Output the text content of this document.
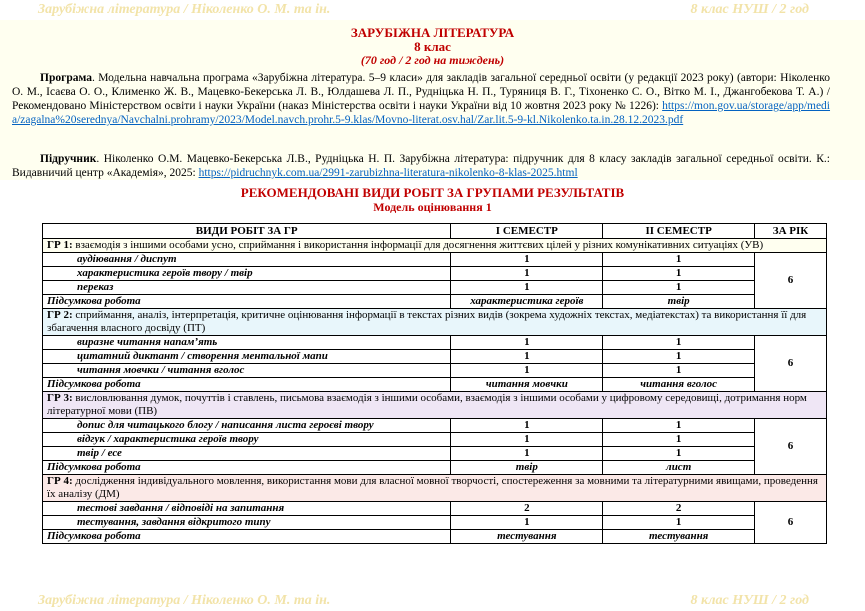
Зарубіжна література / Ніколенко О. М. та ін.	8 клас НУШ / 2 год
ЗАРУБІЖНА ЛІТЕРАТУРА
8 клас
(70 год / 2 год на тиждень)
Програма. Модельна навчальна програма «Зарубіжна література. 5–9 класи» для закладів загальної середньої освіти (у редакції 2023 року) (автори: Ніколенко О. М., Ісаєва О. О., Клименко Ж. В., Мацевко-Бекерська Л. В., Юлдашева Л. П., Рудніцька Н. П., Туряниця В. Г., Тіхоненко С. О., Вітко М. І., Джангобекова Т. А.) / Рекомендовано Міністерством освіти і науки України (наказ Міністерства освіти і науки України від 10 жовтня 2023 року № 1226): https://mon.gov.ua/storage/app/media/zagalna%20serednya/Navchalni.prohramy/2023/Model.navch.prohr.5-9.klas/Movno-literat.osv.hal/Zar.lit.5-9-kl.Nikolenko.ta.in.28.12.2023.pdf
Підручник. Ніколенко О.М. Мацевко-Бекерська Л.В., Рудніцька Н. П. Зарубіжна література: підручник для 8 класу закладів загальної середньої освіти. К.: Видавничий центр «Академія», 2025: https://pidruchnyk.com.ua/2991-zarubizhna-literatura-nikolenko-8-klas-2025.html
РЕКОМЕНДОВАНІ ВИДИ РОБІТ ЗА ГРУПАМИ РЕЗУЛЬТАТІВ
Модель оцінювання 1
ВИДИ РОБІТ ЗА ГР	І СЕМЕСТР	ІІ СЕМЕСТР	ЗА РІК
ГР 1: взаємодія з іншими особами усно, сприймання і використання інформації для досягнення життєвих цілей у різних комунікативних ситуаціях (УВ)			
аудіювання / диспут	1	1	6
характеристика героїв твору / твір	1	1	
переказ	1	1	
Підсумкова робота	характеристика героїв	твір	
ГР 2: сприймання, аналіз, інтерпретація, критичне оцінювання інформації в текстах різних видів (зокрема художніх текстах, медіатекстах) та використання її для збагачення власного досвіду (ПТ)			
виразне читання напам’ять	1	1	6
цитатний диктант / створення ментальної мапи	1	1	
читання мовчки / читання вголос	1	1	
Підсумкова робота	читання мовчки	читання вголос	
ГР 3: висловлювання думок, почуттів і ставлень, письмова взаємодія з іншими особами, взаємодія з іншими особами у цифровому середовищі, дотримання норм літературної мови (ПВ)			
допис для читацького блогу / написання листа героєві твору	1	1	6
відгук / характеристика героїв твору	1	1	
твір / есе	1	1	
Підсумкова робота	твір	лист	
ГР 4: дослідження індивідуального мовлення, використання мови для власної мовної творчості, спостереження за мовними та літературними явищами, проведення їх аналізу (ДМ)			
тестові завдання / відповіді на запитання	2	2	6
тестування, завдання відкритого типу	1	1	
Підсумкова робота	тестування	тестування	
Зарубіжна література / Ніколенко О. М. та ін.	8 клас НУШ / 2 год
